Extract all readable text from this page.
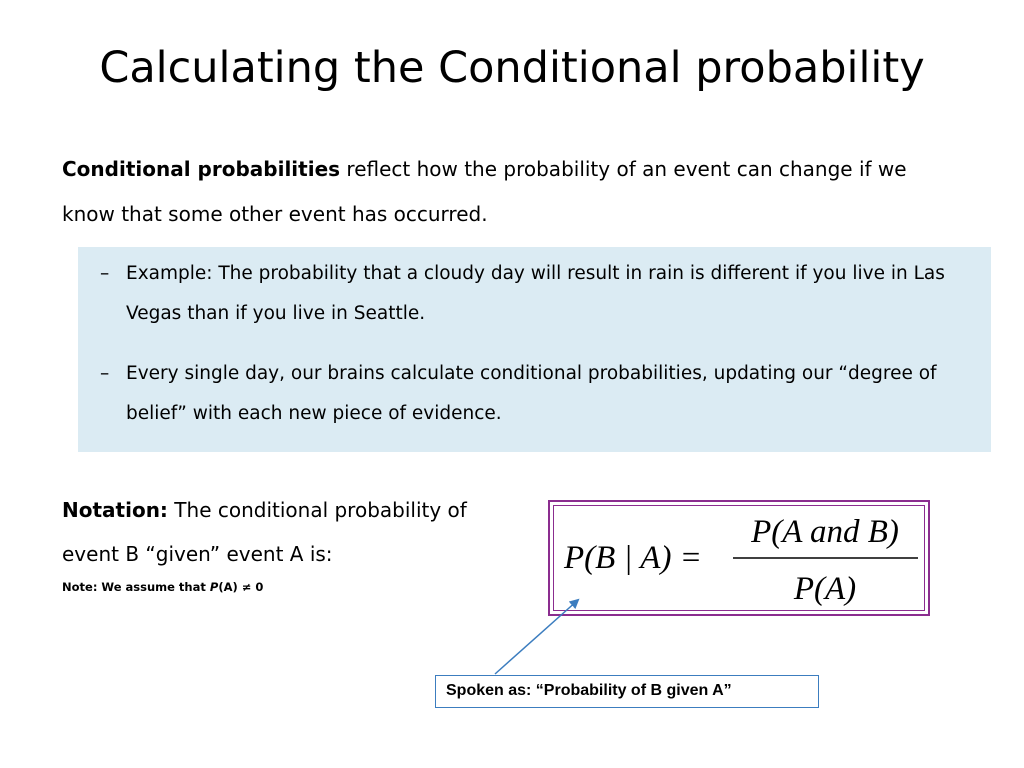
Calculating the Conditional probability
Conditional probabilities reflect how the probability of an event can change if we know that some other event has occurred.
– Example: The probability that a cloudy day will result in rain is different if you live in Las Vegas than if you live in Seattle.
– Every single day, our brains calculate conditional probabilities, updating our “degree of belief” with each new piece of evidence.
Notation: The conditional probability of event B “given” event A is:
Note: We assume that P(A) ≠ 0
P(B | A) =
P(A and B)
P(A)
Spoken as: “Probability of B given A”
